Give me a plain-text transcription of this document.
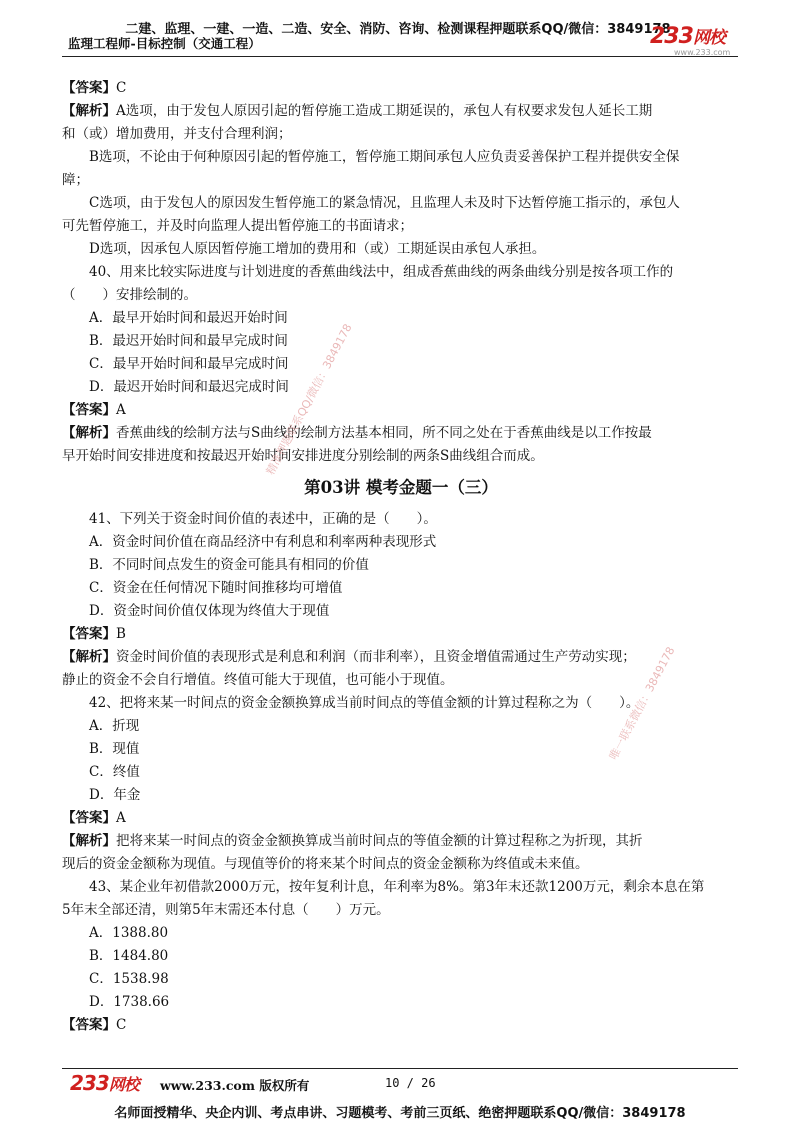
二建、监理、一建、一造、二造、安全、消防、咨询、检测课程押题联系QQ/微信：3849178
监理工程师-目标控制（交通工程）	233网校
www.233.com
【答案】C
【解析】A选项，由于发包人原因引起的暂停施工造成工期延误的，承包人有权要求发包人延长工期
和（或）增加费用，并支付合理利润；
B选项，不论由于何种原因引起的暂停施工，暂停施工期间承包人应负责妥善保护工程并提供安全保
障；
C选项，由于发包人的原因发生暂停施工的紧急情况，且监理人未及时下达暂停施工指示的，承包人
可先暂停施工，并及时向监理人提出暂停施工的书面请求；
D选项，因承包人原因暂停施工增加的费用和（或）工期延误由承包人承担。
40、用来比较实际进度与计划进度的香蕉曲线法中，组成香蕉曲线的两条曲线分别是按各项工作的
（　　）安排绘制的。
A．最早开始时间和最迟开始时间
B．最迟开始时间和最早完成时间
C．最早开始时间和最早完成时间
D．最迟开始时间和最迟完成时间
【答案】A
【解析】香蕉曲线的绘制方法与S曲线的绘制方法基本相同，所不同之处在于香蕉曲线是以工作按最
早开始时间安排进度和按最迟开始时间安排进度分别绘制的两条S曲线组合而成。
第03讲 模考金题一（三）
41、下列关于资金时间价值的表述中，正确的是（　　）。
A．资金时间价值在商品经济中有利息和利率两种表现形式
B．不同时间点发生的资金可能具有相同的价值
C．资金在任何情况下随时间推移均可增值
D．资金时间价值仅体现为终值大于现值
【答案】B
【解析】资金时间价值的表现形式是利息和利润（而非利率），且资金增值需通过生产劳动实现；
静止的资金不会自行增值。终值可能大于现值，也可能小于现值。
42、把将来某一时间点的资金金额换算成当前时间点的等值金额的计算过程称之为（　　）。
A．折现
B．现值
C．终值
D．年金
【答案】A
【解析】把将来某一时间点的资金金额换算成当前时间点的等值金额的计算过程称之为折现，其折
现后的资金金额称为现值。与现值等价的将来某个时间点的资金金额称为终值或未来值。
43、某企业年初借款2000万元，按年复利计息，年利率为8%。第3年末还款1200万元，剩余本息在第
5年末全部还清，则第5年末需还本付息（　　）万元。
A．1388.80
B．1484.80
C．1538.98
D．1738.66
【答案】C
精准押题联系QQ/微信：3849178
唯一联系微信：3849178
233网校 www.233.com 版权所有	10 / 26
名师面授精华、央企内训、考点串讲、习题模考、考前三页纸、绝密押题联系QQ/微信：3849178
